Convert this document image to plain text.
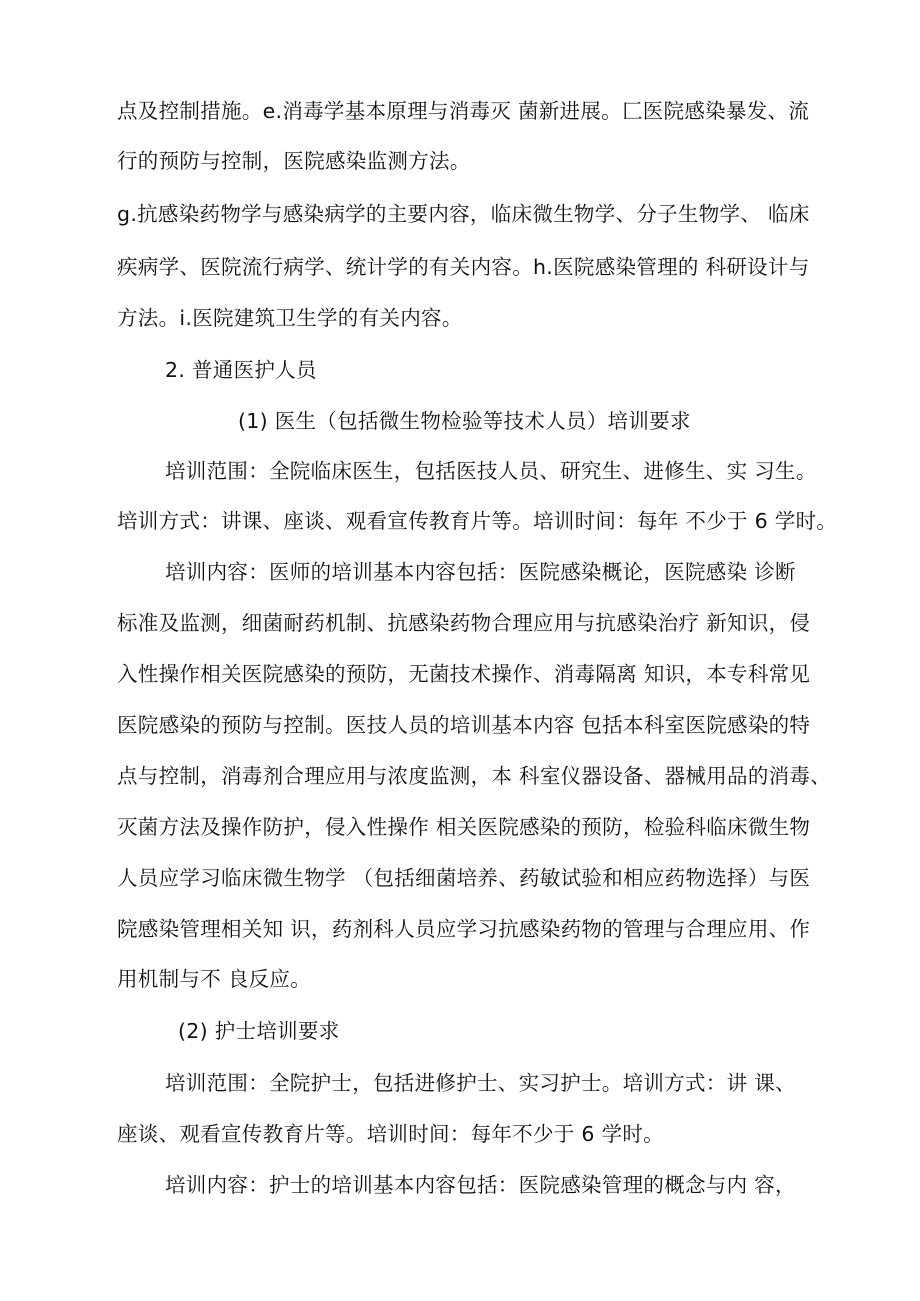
点及控制措施。e.消毒学基本原理与消毒灭 菌新进展。匚医院感染暴发、流
行的预防与控制，医院感染监测方法。
g.抗感染药物学与感染病学的主要内容，临床微生物学、分子生物学、 临床
疾病学、医院流行病学、统计学的有关内容。h.医院感染管理的 科研设计与
方法。i.医院建筑卫生学的有关内容。
2. 普通医护人员
(1) 医生（包括微生物检验等技术人员）培训要求
培训范围：全院临床医生，包括医技人员、研究生、进修生、实 习生。
培训方式：讲课、座谈、观看宣传教育片等。培训时间：每年 不少于 6 学时。
培训内容：医师的培训基本内容包括：医院感染概论，医院感染 诊断
标准及监测，细菌耐药机制、抗感染药物合理应用与抗感染治疗 新知识，侵
入性操作相关医院感染的预防，无菌技术操作、消毒隔离 知识，本专科常见
医院感染的预防与控制。医技人员的培训基本内容 包括本科室医院感染的特
点与控制，消毒剂合理应用与浓度监测，本 科室仪器设备、器械用品的消毒、
灭菌方法及操作防护，侵入性操作 相关医院感染的预防，检验科临床微生物
人员应学习临床微生物学 （包括细菌培养、药敏试验和相应药物选择）与医
院感染管理相关知 识，药剂科人员应学习抗感染药物的管理与合理应用、作
用机制与不 良反应。
(2) 护士培训要求
培训范围：全院护士，包括进修护士、实习护士。培训方式：讲 课、
座谈、观看宣传教育片等。培训时间：每年不少于 6 学时。
培训内容：护士的培训基本内容包括：医院感染管理的概念与内 容，
